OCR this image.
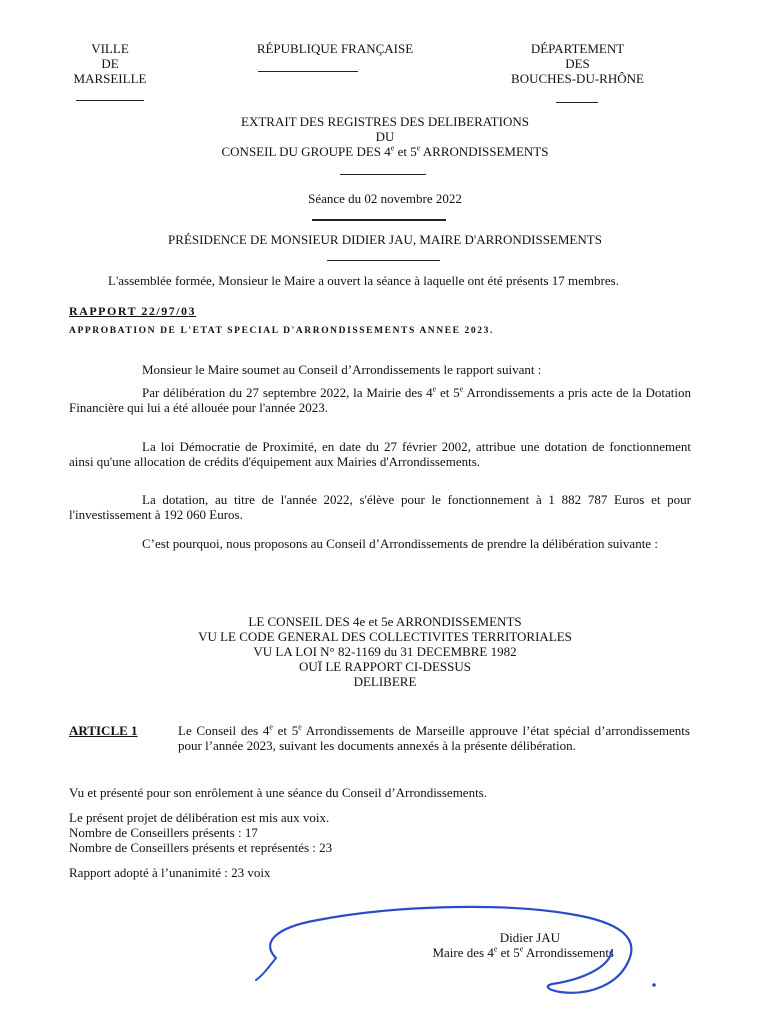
VILLE
DE
MARSEILLE
RÉPUBLIQUE FRANÇAISE	DÉPARTEMENT
DES
BOUCHES-DU-RHÔNE
EXTRAIT DES REGISTRES DES DELIBERATIONS
DU
CONSEIL DU GROUPE DES 4e et 5e ARRONDISSEMENTS
Séance du 02 novembre 2022
PRÉSIDENCE DE MONSIEUR DIDIER JAU, MAIRE D'ARRONDISSEMENTS
L'assemblée formée, Monsieur le Maire a ouvert la séance à laquelle ont été présents 17 membres.
RAPPORT 22/97/03
APPROBATION DE L'ETAT SPECIAL D'ARRONDISSEMENTS ANNEE 2023.
Monsieur le Maire soumet au Conseil d’Arrondissements le rapport suivant :
Par délibération du 27 septembre 2022, la Mairie des 4e et 5e Arrondissements a pris acte de la Dotation Financière qui lui a été allouée pour l'année 2023.
La loi Démocratie de Proximité, en date du 27 février 2002, attribue une dotation de fonctionnement ainsi qu'une allocation de crédits d'équipement aux Mairies d'Arrondissements.
La dotation, au titre de l'année 2022, s'élève pour le fonctionnement à 1 882 787 Euros et pour l'investissement à 192 060 Euros.
C’est pourquoi, nous proposons au Conseil d’Arrondissements de prendre la délibération suivante :
LE CONSEIL DES 4e et 5e ARRONDISSEMENTS
VU LE CODE GENERAL DES COLLECTIVITES TERRITORIALES
VU LA LOI N° 82-1169 du 31 DECEMBRE 1982
OUÏ LE RAPPORT CI-DESSUS
DELIBERE
ARTICLE 1	Le Conseil des 4e et 5e Arrondissements de Marseille approuve l’état spécial d’arrondissements pour l’année 2023, suivant les documents annexés à la présente délibération.
Vu et présenté pour son enrôlement à une séance du Conseil d’Arrondissements.
Le présent projet de délibération est mis aux voix.
Nombre de Conseillers présents : 17
Nombre de Conseillers présents et représentés : 23
Rapport adopté à l’unanimité : 23 voix
Didier JAU
Maire des 4e et 5e Arrondissements
